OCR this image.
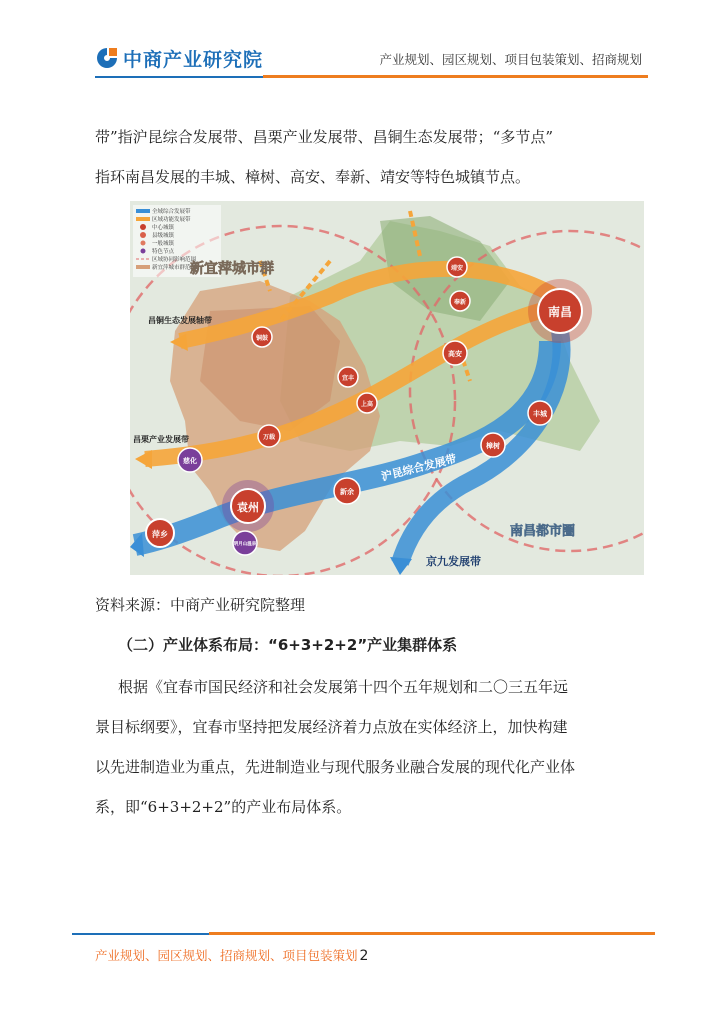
中商产业研究院	产业规划、园区规划、项目包装策划、招商规划
带”指沪昆综合发展带、昌栗产业发展带、昌铜生态发展带；“多节点”
指环南昌发展的丰城、樟树、高安、奉新、靖安等特色城镇节点。
全域综合发展带
区域功能发展带
中心城镇
县级城镇
一般城镇
特色节点
区域协同影响范围
新宜萍城市群范围
新宜萍城市群
南昌都市圈
昌铜生态发展轴带
昌栗产业发展带
沪昆综合发展带
京九发展带
南昌
袁州
萍乡
靖安
奉新
高安
铜鼓
宜丰
上高
万载
丰城
樟树
新余
慈化
明月山温泉
资料来源：中商产业研究院整理
（二）产业体系布局：“6+3+2+2”产业集群体系
根据《宜春市国民经济和社会发展第十四个五年规划和二〇三五年远
景目标纲要》，宜春市坚持把发展经济着力点放在实体经济上，加快构建
以先进制造业为重点，先进制造业与现代服务业融合发展的现代化产业体
系，即“6+3+2+2”的产业布局体系。
产业规划、园区规划、招商规划、项目包装策划 2
